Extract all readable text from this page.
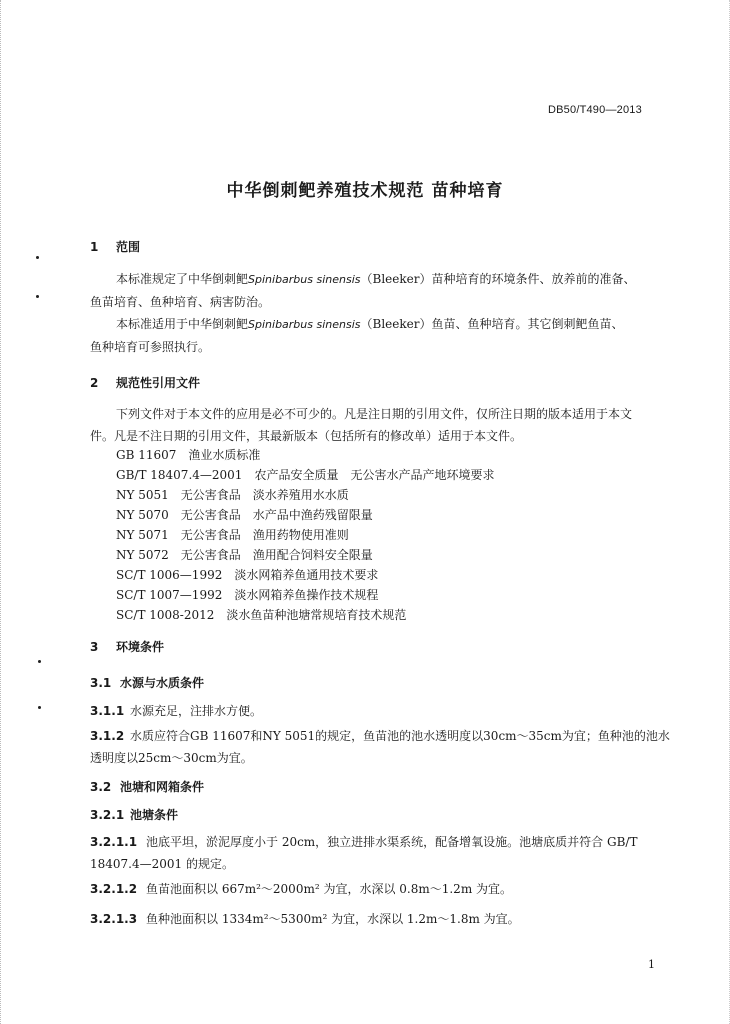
DB50/T490—2013
中华倒刺鲃养殖技术规范 苗种培育
1 范围
本标准规定了中华倒刺鲃Spinibarbus sinensis（Bleeker）苗种培育的环境条件、放养前的准备、
鱼苗培育、鱼种培育、病害防治。
本标准适用于中华倒刺鲃Spinibarbus sinensis（Bleeker）鱼苗、鱼种培育。其它倒刺鲃鱼苗、
鱼种培育可参照执行。
2 规范性引用文件
下列文件对于本文件的应用是必不可少的。凡是注日期的引用文件，仅所注日期的版本适用于本文
件。凡是不注日期的引用文件，其最新版本（包括所有的修改单）适用于本文件。
GB 11607 渔业水质标准
GB/T 18407.4—2001 农产品安全质量　无公害水产品产地环境要求
NY 5051 无公害食品　淡水养殖用水水质
NY 5070 无公害食品　水产品中渔药残留限量
NY 5071 无公害食品　渔用药物使用准则
NY 5072 无公害食品　渔用配合饲料安全限量
SC/T 1006—1992 淡水网箱养鱼通用技术要求
SC/T 1007—1992 淡水网箱养鱼操作技术规程
SC/T 1008-2012 淡水鱼苗种池塘常规培育技术规范
3 环境条件
3.1 水源与水质条件
3.1.1 水源充足，注排水方便。
3.1.2 水质应符合GB 11607和NY 5051的规定，鱼苗池的池水透明度以30cm～35cm为宜；鱼种池的池水
透明度以25cm～30cm为宜。
3.2 池塘和网箱条件
3.2.1 池塘条件
3.2.1.1 池底平坦，淤泥厚度小于 20cm，独立进排水渠系统，配备增氧设施。池塘底质并符合 GB/T
18407.4—2001 的规定。
3.2.1.2 鱼苗池面积以 667m²～2000m² 为宜，水深以 0.8m～1.2m 为宜。
3.2.1.3 鱼种池面积以 1334m²～5300m² 为宜，水深以 1.2m～1.8m 为宜。
1
